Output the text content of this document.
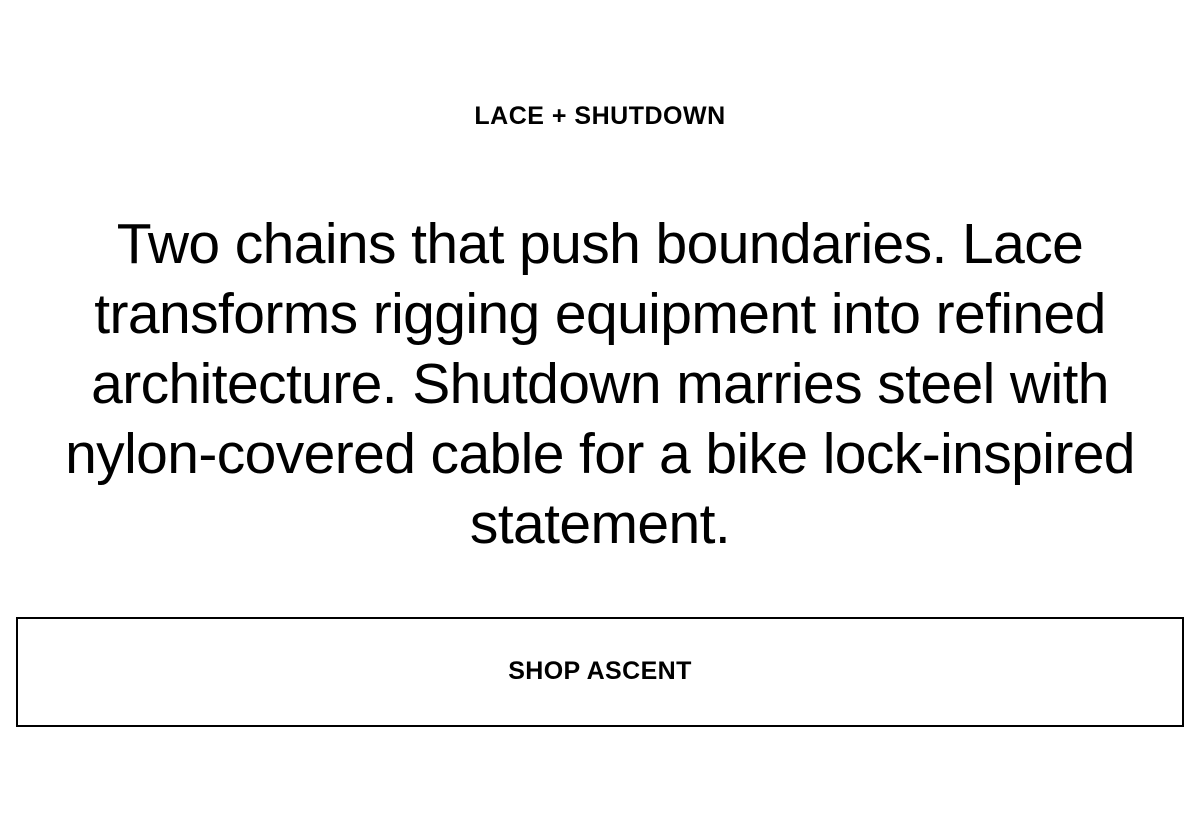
LACE + SHUTDOWN
Two chains that push boundaries. Lace transforms rigging equipment into refined architecture. Shutdown marries steel with nylon-covered cable for a bike lock-inspired statement.
SHOP ASCENT
